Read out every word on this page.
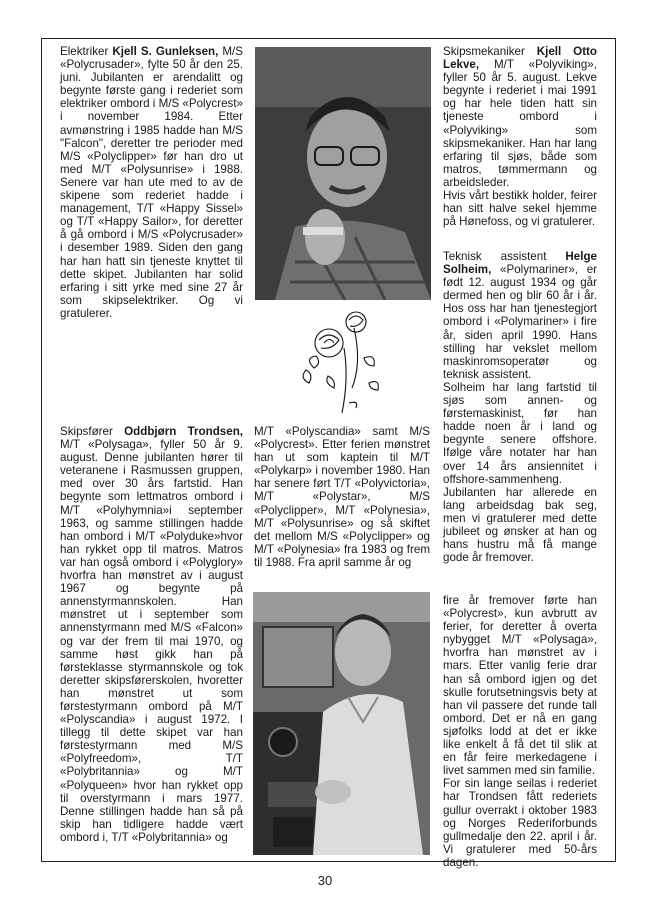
Elektriker Kjell S. Gunleksen, M/S «Polycrusader», fylte 50 år den 25. juni. Jubilanten er arendalitt og begynte første gang i rederiet som elektriker ombord i M/S «Polycrest» i november 1984. Etter avmønstring i 1985 hadde han M/S "Falcon", deretter tre perioder med M/S «Polyclipper» før han dro ut med M/T «Polysunrise» i 1988. Senere var han ute med to av de skipene som rederiet hadde i management, T/T «Happy Sissel» og T/T «Happy Sailor», for deretter å gå ombord i M/S «Polycrusader» i desember 1989. Siden den gang har han hatt sin tjeneste knyttet til dette skipet. Jubilanten har solid erfaring i sitt yrke med sine 27 år som skipselektriker. Og vi gratulerer.

Skipsmekaniker Kjell Otto Lekve, M/T «Polyviking», fyller 50 år 5. august. Lekve begynte i rederiet i mai 1991 og har hele tiden hatt sin tjeneste ombord i «Polyviking» som skipsmekaniker. Han har lang erfaring til sjøs, både som matros, tømmermann og arbeidsleder.

Hvis vårt bestikk holder, feirer han sitt halve sekel hjemme på Hønefoss, og vi gratulerer.

Teknisk assistent Helge Solheim, «Polymariner», er født 12. august 1934 og går dermed hen og blir 60 år i år. Hos oss har han tjenestegjort ombord i «Polymariner» i fire år, siden april 1990. Hans stilling har vekslet mellom maskinromsoperatør og teknisk assistent.

Solheim har lang fartstid til sjøs som annen- og førstemaskinist, før han hadde noen år i land og begynte senere offshore. Ifølge våre notater har han over 14 års ansiennitet i offshore-sammenheng. Jubilanten har allerede en lang arbeidsdag bak seg, men vi gratulerer med dette jubileet og ønsker at han og hans hustru må få mange gode år fremover.

Skipsfører Oddbjørn Trondsen, M/T «Polysaga», fyller 50 år 9. august. Denne jubilanten hører til veteranene i Rasmussen gruppen, med over 30 års fartstid. Han begynte som lettmatros ombord i M/T «Polyhymnia»i september 1963, og samme stillingen hadde han ombord i M/T «Polyduke»hvor han rykket opp til matros. Matros var han også ombord i «Polyglory» hvorfra han mønstret av i august 1967 og begynte på annenstyrmannskolen. Han mønstret ut i september som annenstyrmann med M/S «Falcon» og var der frem til mai 1970, og samme høst gikk han på førsteklasse styrmannskole og tok deretter skipsførerskolen, hvoretter han mønstret ut som førstestyrmann ombord på M/T «Polyscandia» i august 1972. I tillegg til dette skipet var han førstestyrmann med M/S «Polyfreedom», T/T «Polybritannia» og M/T «Polyqueen» hvor han rykket opp til overstyrmann i mars 1977. Denne stillingen hadde han så på skip han tidligere hadde vært ombord i, T/T «Polybritannia» og

M/T «Polyscandia» samt M/S «Polycrest». Etter ferien mønstret han ut som kaptein til M/T «Polykarp» i november 1980. Han har senere ført T/T «Polyvictoria», M/T «Polystar», M/S «Polyclipper», M/T «Polynesia», M/T «Polysunrise» og så skiftet det mellom M/S «Polyclipper» og M/T «Polynesia» fra 1983 og frem til 1988. Fra april samme år og

fire år fremover førte han «Polycrest», kun avbrutt av ferier, for deretter å overta nybygget M/T «Polysaga», hvorfra han mønstret av i mars. Etter vanlig ferie drar han så ombord igjen og det skulle forutsetningsvis bety at han vil passere det runde tall ombord. Det er nå en gang sjøfolks lodd at det er ikke like enkelt å få det til slik at en får feire merkedagene i livet sammen med sin familie.

For sin lange seilas i rederiet har Trondsen fått rederiets gullur overrakt i oktober 1983 og Norges Rederiforbunds gullmedalje den 22. april i år. Vi gratulerer med 50-års dagen.

30
